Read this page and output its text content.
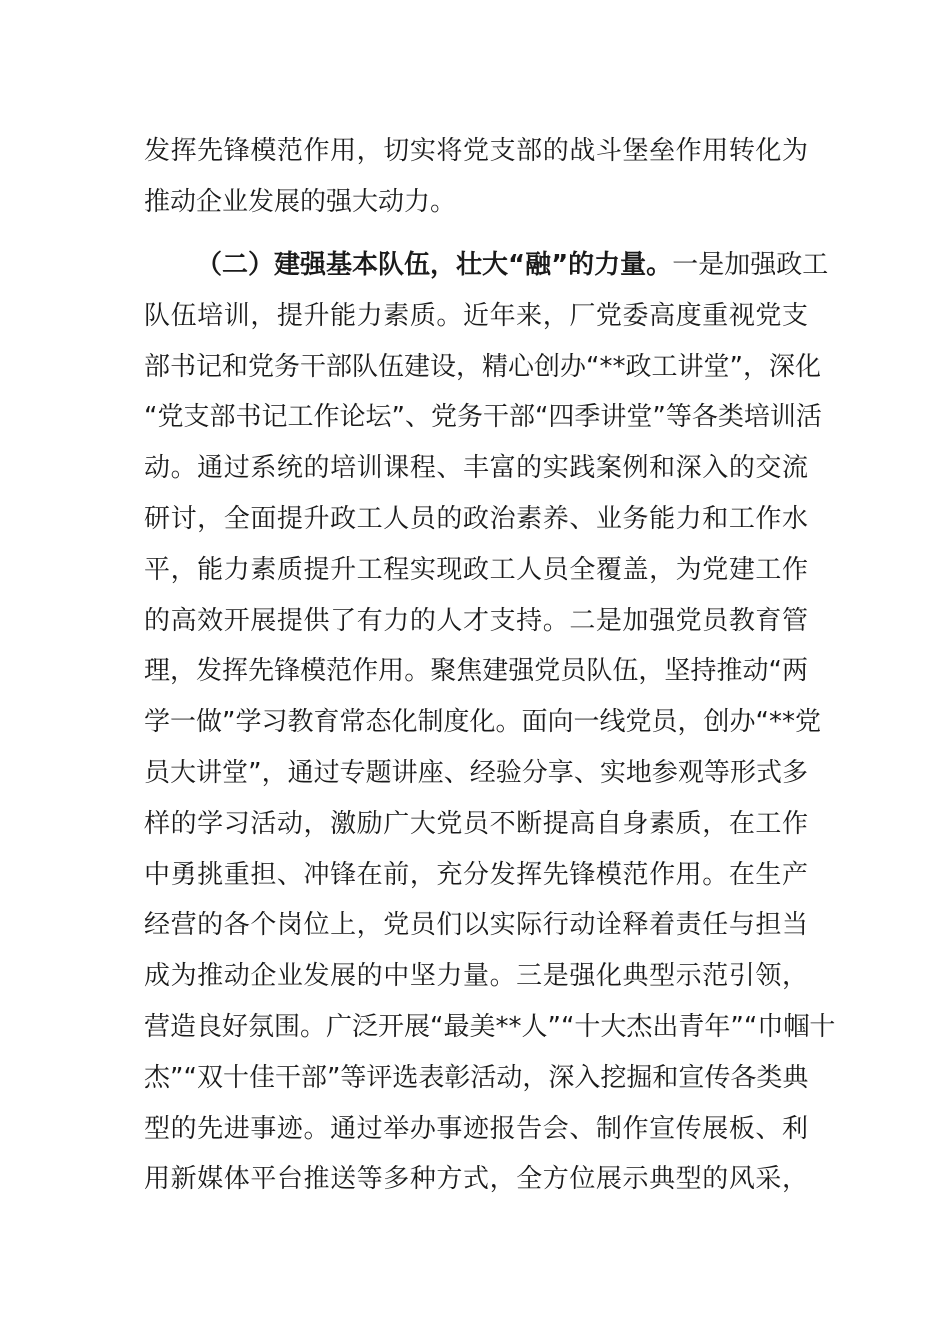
发挥先锋模范作用，切实将党支部的战斗堡垒作用转化为
推动企业发展的强大动力。
（二）建强基本队伍，壮大“融”的力量。一是加强政工
队伍培训，提升能力素质。近年来，厂党委高度重视党支
部书记和党务干部队伍建设，精心创办“**政工讲堂”，深化
“党支部书记工作论坛”、党务干部“四季讲堂”等各类培训活
动。通过系统的培训课程、丰富的实践案例和深入的交流
研讨，全面提升政工人员的政治素养、业务能力和工作水
平，能力素质提升工程实现政工人员全覆盖，为党建工作
的高效开展提供了有力的人才支持。二是加强党员教育管
理，发挥先锋模范作用。聚焦建强党员队伍，坚持推动“两
学一做”学习教育常态化制度化。面向一线党员，创办“**党
员大讲堂”，通过专题讲座、经验分享、实地参观等形式多
样的学习活动，激励广大党员不断提高自身素质，在工作
中勇挑重担、冲锋在前，充分发挥先锋模范作用。在生产
经营的各个岗位上，党员们以实际行动诠释着责任与担当
成为推动企业发展的中坚力量。三是强化典型示范引领，
营造良好氛围。广泛开展“最美**人”“十大杰出青年”“巾帼十
杰”“双十佳干部”等评选表彰活动，深入挖掘和宣传各类典
型的先进事迹。通过举办事迹报告会、制作宣传展板、利
用新媒体平台推送等多种方式，全方位展示典型的风采，
